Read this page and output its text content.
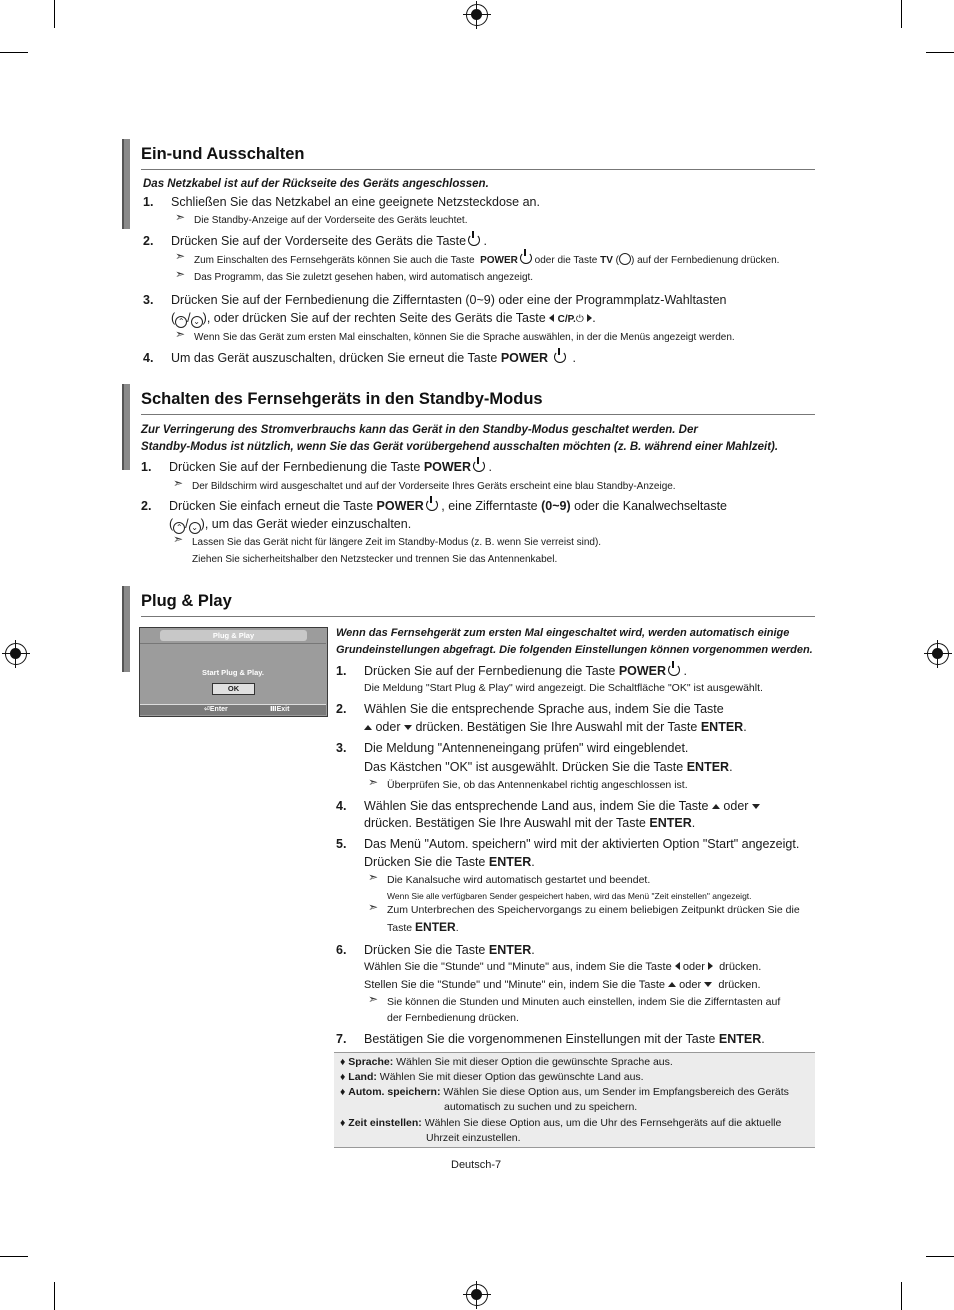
Ein-und Ausschalten
Das Netzkabel ist auf der Rückseite des Geräts angeschlossen.
1. Schließen Sie das Netzkabel an eine geeignete Netzsteckdose an.
➣ Die Standby-Anzeige auf der Vorderseite des Geräts leuchtet.
2. Drücken Sie auf der Vorderseite des Geräts die Taste .
➣ Zum Einschalten des Fernsehgeräts können Sie auch die Taste POWER oder die Taste TV ( ) auf der Fernbedienung drücken.
➣ Das Programm, das Sie zuletzt gesehen haben, wird automatisch angezeigt.
3. Drücken Sie auf der Fernbedienung die Zifferntasten (0~9) oder eine der Programmplatz-Wahltasten
( ⌃ / ⌄ ), oder drücken Sie auf der rechten Seite des Geräts die Taste C/P.⏻ .
➣ Wenn Sie das Gerät zum ersten Mal einschalten, können Sie die Sprache auswählen, in der die Menüs angezeigt werden.
4. Um das Gerät auszuschalten, drücken Sie erneut die Taste POWER   .
Schalten des Fernsehgeräts in den Standby-Modus
Zur Verringerung des Stromverbrauchs kann das Gerät in den Standby-Modus geschaltet werden. Der
Standby-Modus ist nützlich, wenn Sie das Gerät vorübergehend ausschalten möchten (z. B. während einer Mahlzeit).
1. Drücken Sie auf der Fernbedienung die Taste POWER .
➣ Der Bildschirm wird ausgeschaltet und auf der Vorderseite Ihres Geräts erscheint eine blau Standby-Anzeige.
2. Drücken Sie einfach erneut die Taste POWER , eine Zifferntaste (0~9) oder die Kanalwechseltaste
( ⌃ / ⌄ ), um das Gerät wieder einzuschalten.
➣ Lassen Sie das Gerät nicht für längere Zeit im Standby-Modus (z. B. wenn Sie verreist sind).
Ziehen Sie sicherheitshalber den Netzstecker und trennen Sie das Antennenkabel.
Plug & Play
Plug & Play
Start Plug & Play.
OK
⏎Enter	ⅢExit
Wenn das Fernsehgerät zum ersten Mal eingeschaltet wird, werden automatisch einige
Grundeinstellungen abgefragt. Die folgenden Einstellungen können vorgenommen werden.
1. Drücken Sie auf der Fernbedienung die Taste POWER .
Die Meldung "Start Plug & Play" wird angezeigt. Die Schaltfläche "OK" ist ausgewählt.
2. Wählen Sie die entsprechende Sprache aus, indem Sie die Taste
oder drücken. Bestätigen Sie Ihre Auswahl mit der Taste ENTER.
3. Die Meldung "Antenneneingang prüfen" wird eingeblendet.
Das Kästchen "OK" ist ausgewählt. Drücken Sie die Taste ENTER.
➣ Überprüfen Sie, ob das Antennenkabel richtig angeschlossen ist.
4. Wählen Sie das entsprechende Land aus, indem Sie die Taste oder
drücken. Bestätigen Sie Ihre Auswahl mit der Taste ENTER.
5. Das Menü "Autom. speichern" wird mit der aktivierten Option "Start" angezeigt.
Drücken Sie die Taste ENTER.
➣ Die Kanalsuche wird automatisch gestartet und beendet.
Wenn Sie alle verfügbaren Sender gespeichert haben, wird das Menü "Zeit einstellen" angezeigt.
➣ Zum Unterbrechen des Speichervorgangs zu einem beliebigen Zeitpunkt drücken Sie die
Taste ENTER.
6. Drücken Sie die Taste ENTER.
Wählen Sie die "Stunde" und "Minute" aus, indem Sie die Taste oder drücken.
Stellen Sie die "Stunde" und "Minute" ein, indem Sie die Taste oder drücken.
➣ Sie können die Stunden und Minuten auch einstellen, indem Sie die Zifferntasten auf
der Fernbedienung drücken.
7. Bestätigen Sie die vorgenommenen Einstellungen mit der Taste ENTER.
♦ Sprache: Wählen Sie mit dieser Option die gewünschte Sprache aus.
♦ Land: Wählen Sie mit dieser Option das gewünschte Land aus.
♦ Autom. speichern: Wählen Sie diese Option aus, um Sender im Empfangsbereich des Geräts
automatisch zu suchen und zu speichern.
♦ Zeit einstellen: Wählen Sie diese Option aus, um die Uhr des Fernsehgeräts auf die aktuelle
Uhrzeit einzustellen.
Deutsch-7
